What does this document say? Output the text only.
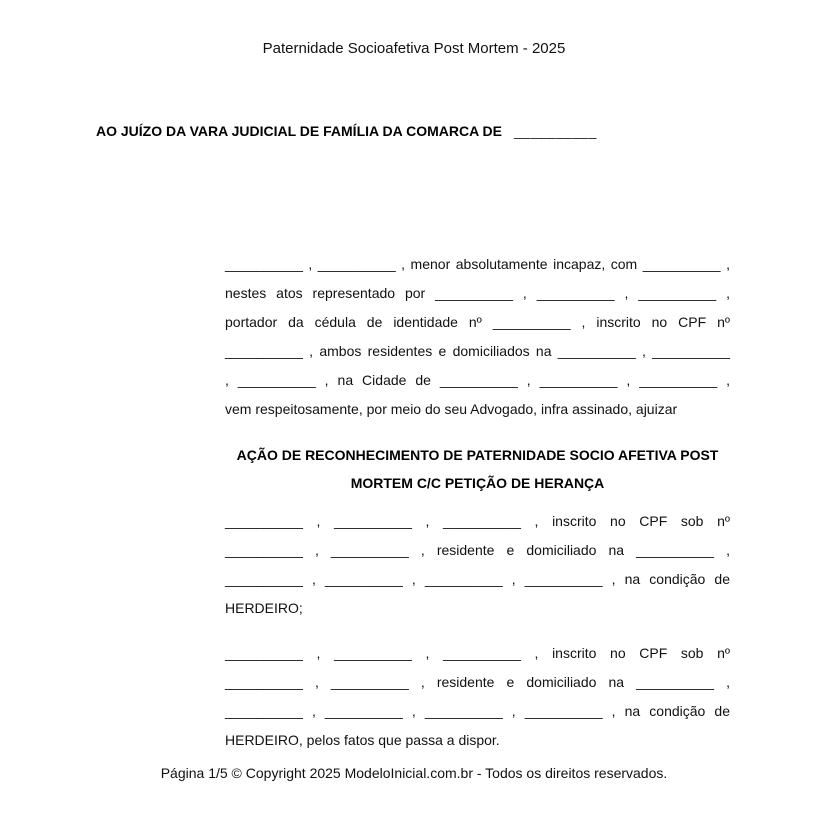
Paternidade Socioafetiva Post Mortem - 2025
AO JUÍZO DA VARA JUDICIAL DE FAMÍLIA DA COMARCA DE __________
__________ , __________ , menor absolutamente incapaz, com __________ ,
nestes atos representado por __________ , __________ , __________ ,
portador da cédula de identidade nº __________ , inscrito no CPF nº
__________ , ambos residentes e domiciliados na __________ , __________
, __________ , na Cidade de __________ , __________ , __________ ,
vem respeitosamente, por meio do seu Advogado, infra assinado, ajuizar
AÇÃO DE RECONHECIMENTO DE PATERNIDADE SOCIO AFETIVA POST
MORTEM C/C PETIÇÃO DE HERANÇA
__________ , __________ , __________ , inscrito no CPF sob nº
__________ , __________ , residente e domiciliado na __________ ,
__________ , __________ , __________ , __________ , na condição de
HERDEIRO;
__________ , __________ , __________ , inscrito no CPF sob nº
__________ , __________ , residente e domiciliado na __________ ,
__________ , __________ , __________ , __________ , na condição de
HERDEIRO, pelos fatos que passa a dispor.
Página 1/5 © Copyright 2025 ModeloInicial.com.br - Todos os direitos reservados.
